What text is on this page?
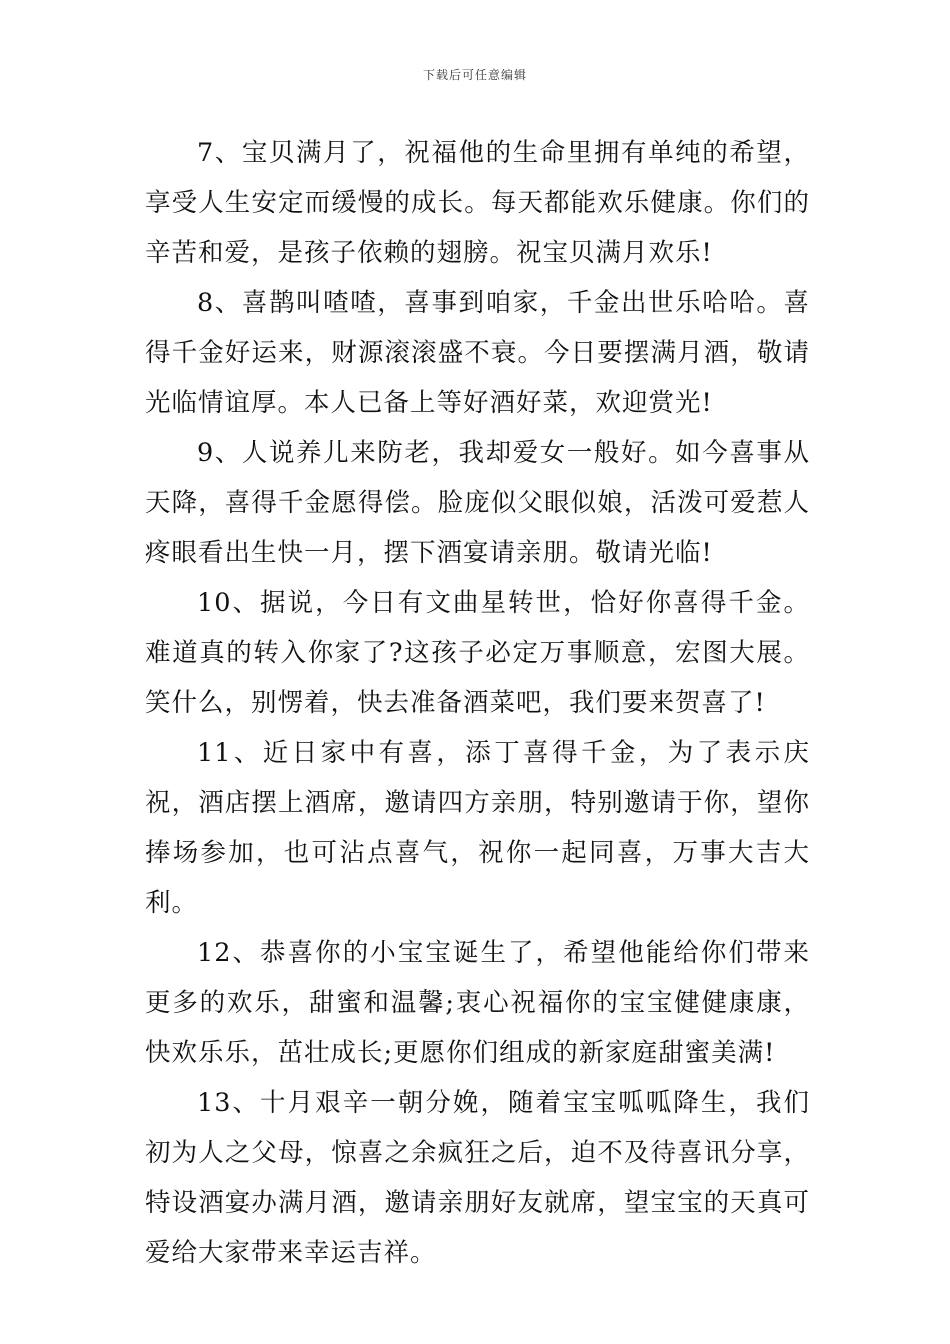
下载后可任意编辑

7、宝贝满月了，祝福他的生命里拥有单纯的希望，享受人生安定而缓慢的成长。每天都能欢乐健康。你们的辛苦和爱，是孩子依赖的翅膀。祝宝贝满月欢乐!

8、喜鹊叫喳喳，喜事到咱家，千金出世乐哈哈。喜得千金好运来，财源滚滚盛不衰。今日要摆满月酒，敬请光临情谊厚。本人已备上等好酒好菜，欢迎赏光!

9、人说养儿来防老，我却爱女一般好。如今喜事从天降，喜得千金愿得偿。脸庞似父眼似娘，活泼可爱惹人疼眼看出生快一月，摆下酒宴请亲朋。敬请光临!

10、据说，今日有文曲星转世，恰好你喜得千金。难道真的转入你家了?这孩子必定万事顺意，宏图大展。笑什么，别愣着，快去准备酒菜吧，我们要来贺喜了!

11、近日家中有喜，添丁喜得千金，为了表示庆祝，酒店摆上酒席，邀请四方亲朋，特别邀请于你，望你捧场参加，也可沾点喜气，祝你一起同喜，万事大吉大利。

12、恭喜你的小宝宝诞生了，希望他能给你们带来更多的欢乐，甜蜜和温馨;衷心祝福你的宝宝健健康康，快欢乐乐，茁壮成长;更愿你们组成的新家庭甜蜜美满!

13、十月艰辛一朝分娩，随着宝宝呱呱降生，我们初为人之父母，惊喜之余疯狂之后，迫不及待喜讯分享，特设酒宴办满月酒，邀请亲朋好友就席，望宝宝的天真可爱给大家带来幸运吉祥。
